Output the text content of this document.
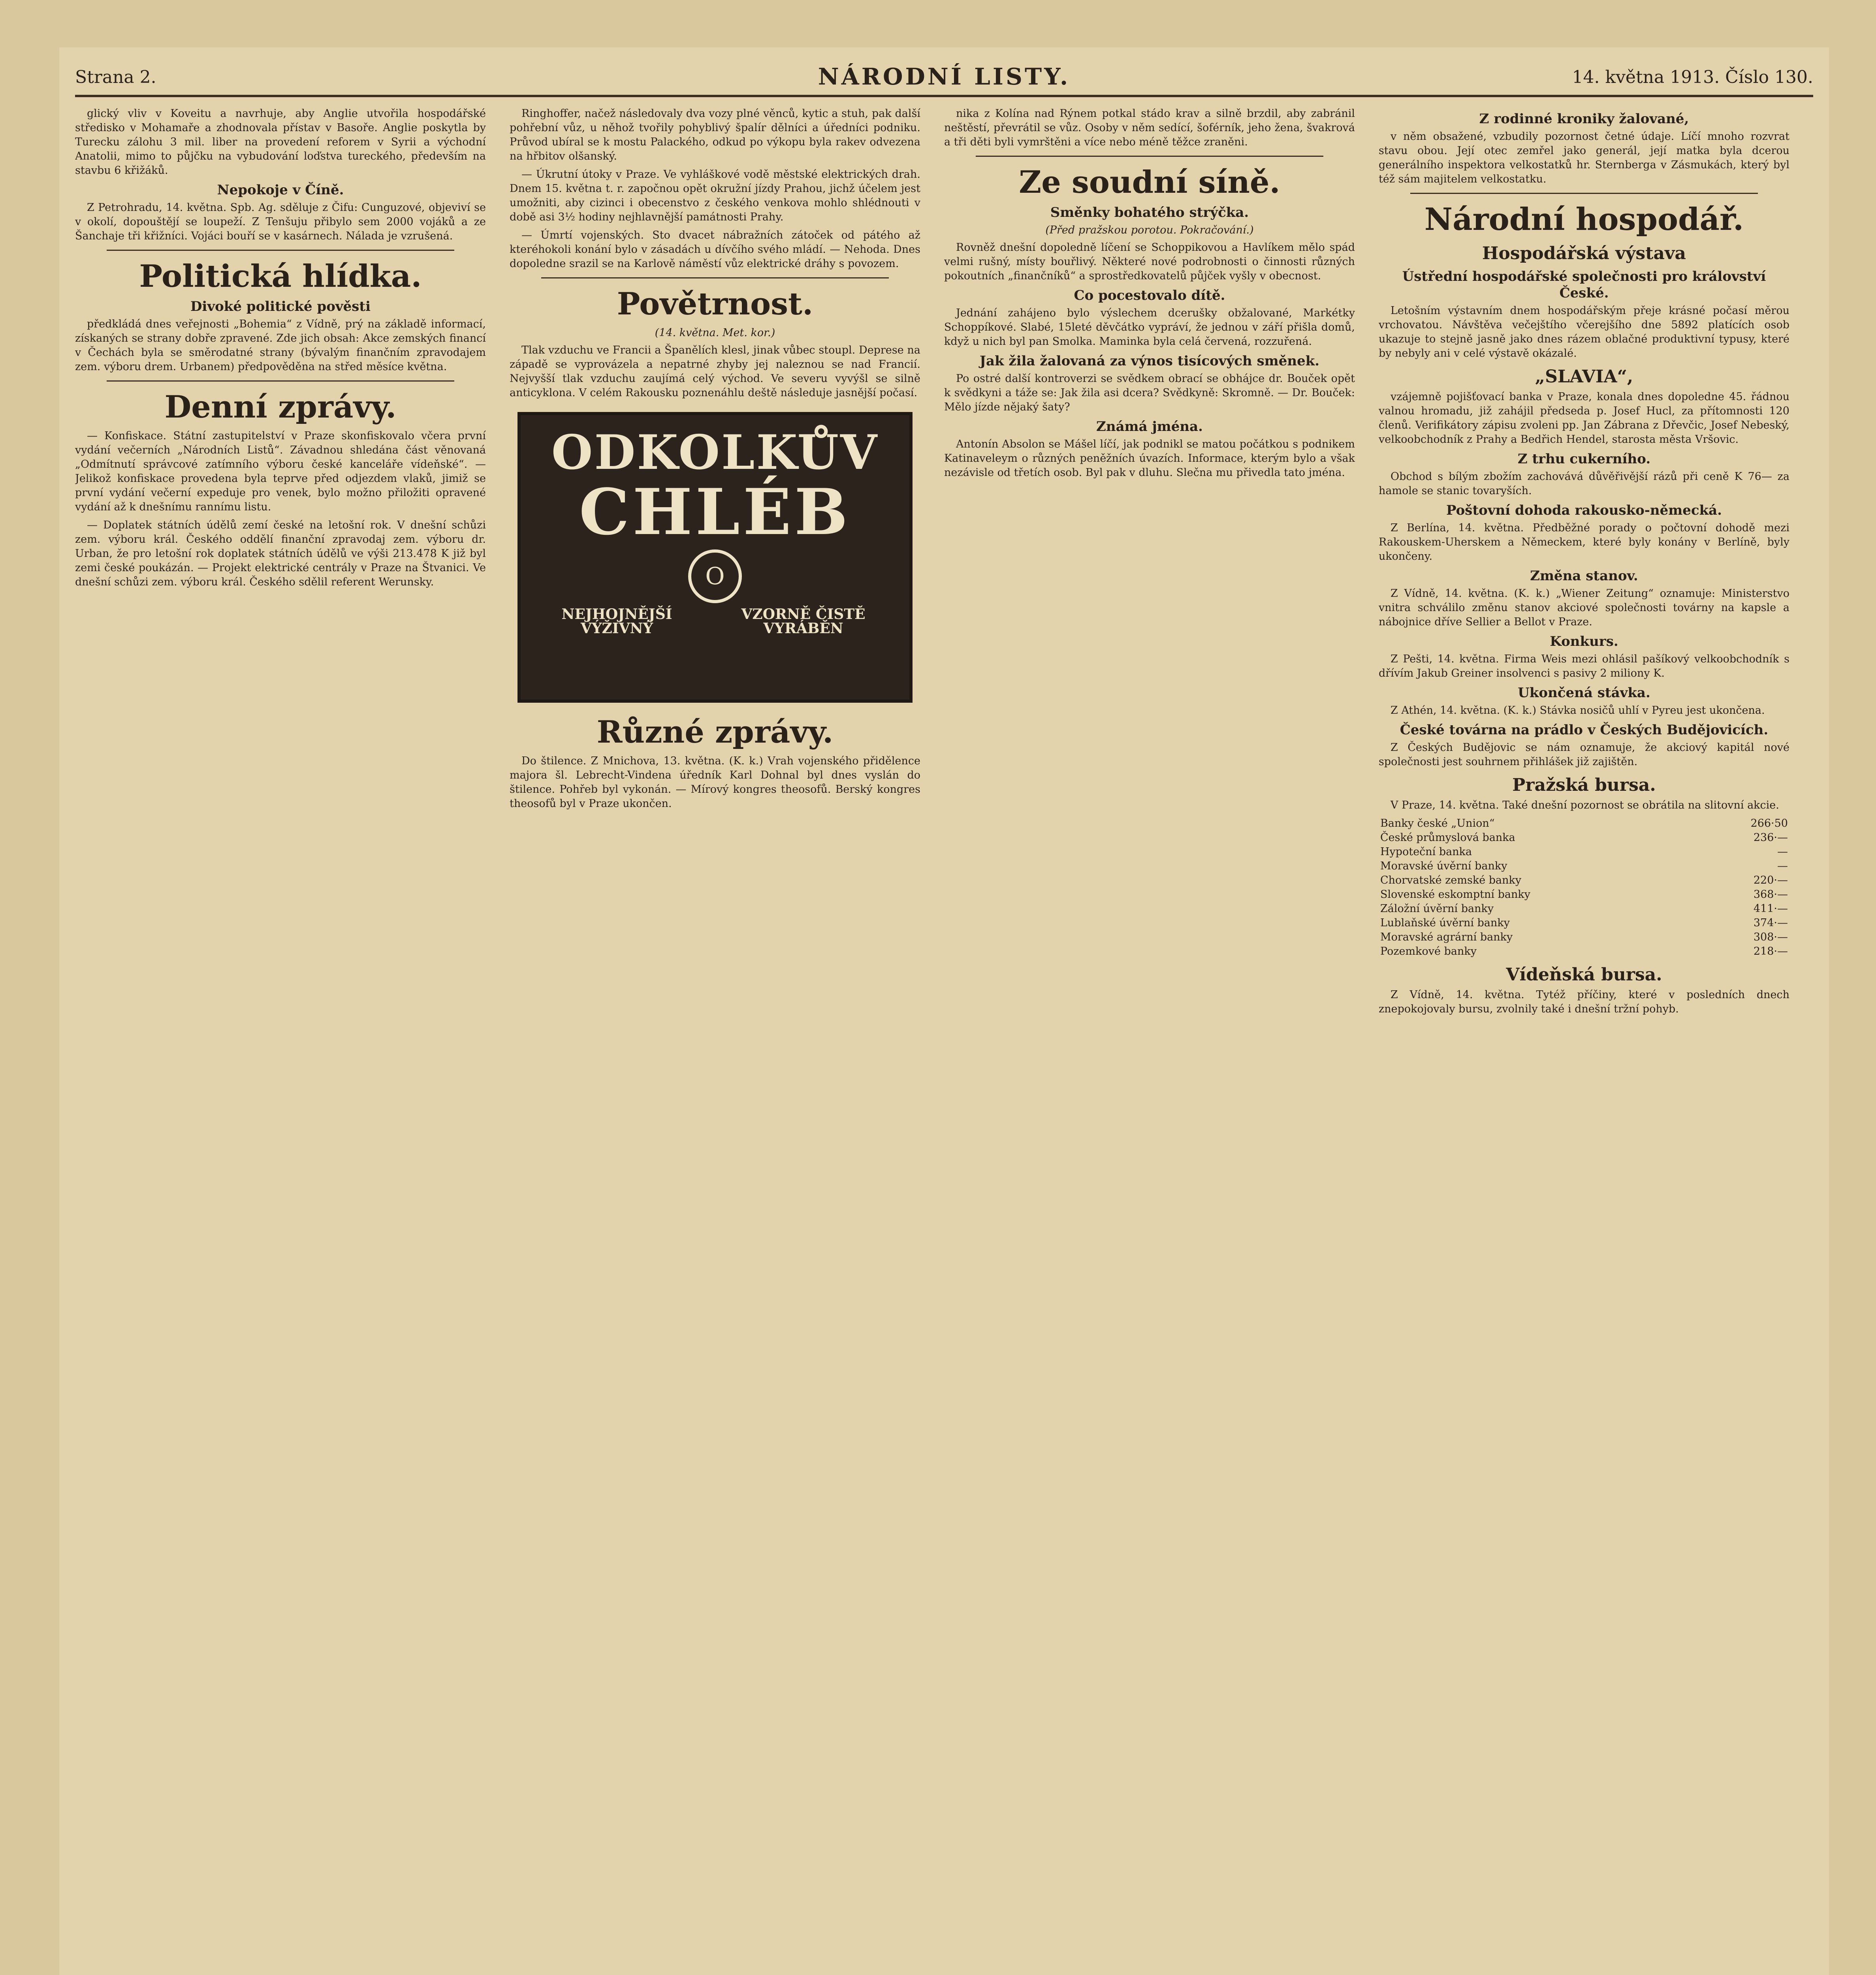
Strana 2.	NÁRODNÍ LISTY.	14. května 1913. Číslo 130.

glický vliv v Koveitu a navrhuje, aby Anglie utvořila hospodářské středisko v Mohamaře a zhodnovala přístav v Basoře. Anglie poskytla by Turecku zálohu 3 mil. liber na provedení reforem v Syrii a východní Anatolii, mimo to půjčku na vybudování loďstva tureckého, především na stavbu 6 křižáků.

Nepokoje v Číně.

Z Petrohradu, 14. května. Spb. Ag. sděluje z Čifu: Cunguzové, objeviví se v okolí, dopouštějí se loupeží. Z Tenšuju přibylo sem 2000 vojáků a ze Šanchaje tři křižníci. Vojáci bouří se v kasárnech. Nálada je vzrušená.

Politická hlídka.
Divoké politické pověsti

předkládá dnes veřejnosti „Bohemia“ z Vídně, prý na základě informací, získaných se strany dobře zpravené. Zde jich obsah: Akce zemských financí v Čechách byla se směrodatné strany (bývalým finančním zpravodajem zem. výboru drem. Urbanem) předpověděna na střed měsíce května.

Denní zprávy.

— Konfiskace. Státní zastupitelství v Praze skonfiskovalo včera první vydání večerních „Národních Listů“. Závadnou shledána část věnovaná „Odmítnutí správcové zatímního výboru české kanceláře vídeňské“. — Jelikož konfiskace provedena byla teprve před odjezdem vlaků, jimiž se první vydání večerní expeduje pro venek, bylo možno přiložiti opravené vydání až k dnešnímu rannímu listu.

— Doplatek státních údělů zemí české na letošní rok. V dnešní schůzi zem. výboru král. Českého oddělí finanční zpravodaj zem. výboru dr. Urban, že pro letošní rok doplatek státních údělů ve výši 213.478 K již byl zemi české poukázán. — Projekt elektrické centrály v Praze na Štvanici. Ve dnešní schůzi zem. výboru král. Českého sdělil referent Werunsky.

Ringhoffer, načež následovaly dva vozy plné věnců, kytic a stuh, pak další pohřební vůz, u něhož tvořily pohyblivý špalír dělníci a úředníci podniku. Průvod ubíral se k mostu Palackého, odkud po výkopu byla rakev odvezena na hřbitov olšanský.

— Úkrutní útoky v Praze. Ve vyhláškové vodě městské elektrických drah. Dnem 15. května t. r. započnou opět okružní jízdy Prahou, jichž účelem jest umožniti, aby cizinci i obecenstvo z českého venkova mohlo shlédnouti v době asi 3½ hodiny nejhlavnější památnosti Prahy.

— Úmrtí vojenských. Sto dvacet nábražních zátoček od pátého až kteréhokoli konání bylo v zásadách u dívčího svého mládí. — Nehoda. Dnes dopoledne srazil se na Karlově náměstí vůz elektrické dráhy s povozem.

Povětrnost.
(14. května. Met. kor.)

Tlak vzduchu ve Francii a Španělích klesl, jinak vůbec stoupl. Deprese na západě se vyprovázela a nepatrné zhyby jej naleznou se nad Francií. Nejvyšší tlak vzduchu zaujímá celý východ. Ve severu vyvýšl se silně anticyklona. V celém Rakousku poznenáhlu deště následuje jasnější počasí.

ODKOLKŮV
CHLÉB
O
NEJHOJNĚJŠÍ VÝŽIVNÝ
VZORNĚ ČISTĚ VYRÁBĚN
Různé zprávy.

Do štilence. Z Mnichova, 13. května. (K. k.) Vrah vojenského přidělence majora šl. Lebrecht-Vindena úředník Karl Dohnal byl dnes vyslán do štilence. Pohřeb byl vykonán. — Mírový kongres theosofů. Berský kongres theosofů byl v Praze ukončen.

nika z Kolína nad Rýnem potkal stádo krav a silně brzdil, aby zabránil neštěstí, převrátil se vůz. Osoby v něm sedící, šoférník, jeho žena, švakrová a tři děti byli vymrštěni a více nebo méně těžce zraněni.

Ze soudní síně.
Směnky bohatého strýčka.
(Před pražskou porotou. Pokračování.)

Rovněž dnešní dopoledně líčení se Schoppikovou a Havlíkem mělo spád velmi rušný, místy bouřlivý. Některé nové podrobnosti o činnosti různých pokoutních „finančníků“ a sprostředkovatelů půjček vyšly v obecnost.

Co pocestovalo dítě.

Jednání zahájeno bylo výslechem dcerušky obžalované, Markétky Schoppíkové. Slabé, 15leté děvčátko vypráví, že jednou v září přišla domů, když u nich byl pan Smolka. Maminka byla celá červená, rozzuřená.

Jak žila žalovaná za výnos tisícových směnek.

Po ostré další kontroverzi se svědkem obrací se obhájce dr. Bouček opět k svědkyni a táže se: Jak žila asi dcera? Svědkyně: Skromně. — Dr. Bouček: Mělo jízde nějaký šaty?

Známá jména.

Antonín Absolon se Mášel líčí, jak podnikl se matou počátkou s podnikem Katinaveleym o různých peněžních úvazích. Informace, kterým bylo a však nezávisle od třetích osob. Byl pak v dluhu. Slečna mu přivedla tato jména.

Z rodinné kroniky žalované,

v něm obsažené, vzbudily pozornost četné údaje. Líčí mnoho rozvrat stavu obou. Její otec zemřel jako generál, její matka byla dcerou generálního inspektora velkostatků hr. Sternberga v Zásmukách, který byl též sám majitelem velkostatku.

Národní hospodář.
Hospodářská výstava
Ústřední hospodářské společnosti pro království České.

Letošním výstavním dnem hospodářským přeje krásné počasí měrou vrchovatou. Návštěva večejštího včerejšího dne 5892 platících osob ukazuje to stejně jasně jako dnes rázem oblačné produktivní typusy, které by nebyly ani v celé výstavě okázalé.

„SLAVIA“,

vzájemně pojišťovací banka v Praze, konala dnes dopoledne 45. řádnou valnou hromadu, již zahájil předseda p. Josef Hucl, za přítomnosti 120 členů. Verifikátory zápisu zvoleni pp. Jan Zábrana z Dřevčic, Josef Nebeský, velkoobchodník z Prahy a Bedřich Hendel, starosta města Vršovic.

Z trhu cukerního.

Obchod s bílým zbožím zachovává důvěřivější rázů při ceně K 76— za hamole se stanic tovaryších.

Poštovní dohoda rakousko-německá.

Z Berlína, 14. května. Předběžné porady o počtovní dohodě mezi Rakouskem-Uherskem a Německem, které byly konány v Berlíně, byly ukončeny.

Změna stanov.

Z Vídně, 14. května. (K. k.) „Wiener Zeitung“ oznamuje: Ministerstvo vnitra schválilo změnu stanov akciové společnosti továrny na kapsle a nábojnice dříve Sellier a Bellot v Praze.

Konkurs.

Z Pešti, 14. května. Firma Weis mezi ohlásil pašíkový velkoobchodník s dřívím Jakub Greiner insolvenci s pasivy 2 miliony K.

Ukončená stávka.

Z Athén, 14. května. (K. k.) Stávka nosičů uhlí v Pyreu jest ukončena.

České továrna na prádlo v Českých Budějovicích.

Z Českých Budějovic se nám oznamuje, že akciový kapitál nové společnosti jest souhrnem přihlášek již zajištěn.

Pražská bursa.

V Praze, 14. května. Také dnešní pozornost se obrátila na slitovní akcie.

Banky české „Union“	266·50
České průmyslová banka	236·—
Hypoteční banka	—
Moravské úvěrní banky	—
Chorvatské zemské banky	220·—
Slovenské eskomptní banky	368·—
Záložní úvěrní banky	411·—
Lublaňské úvěrní banky	374·—
Moravské agrární banky	308·—
Pozemkové banky	218·—
Vídeňská bursa.

Z Vídně, 14. května. Tytéž příčiny, které v posledních dnech znepokojovaly bursu, zvolnily také i dnešní tržní pohyb.
